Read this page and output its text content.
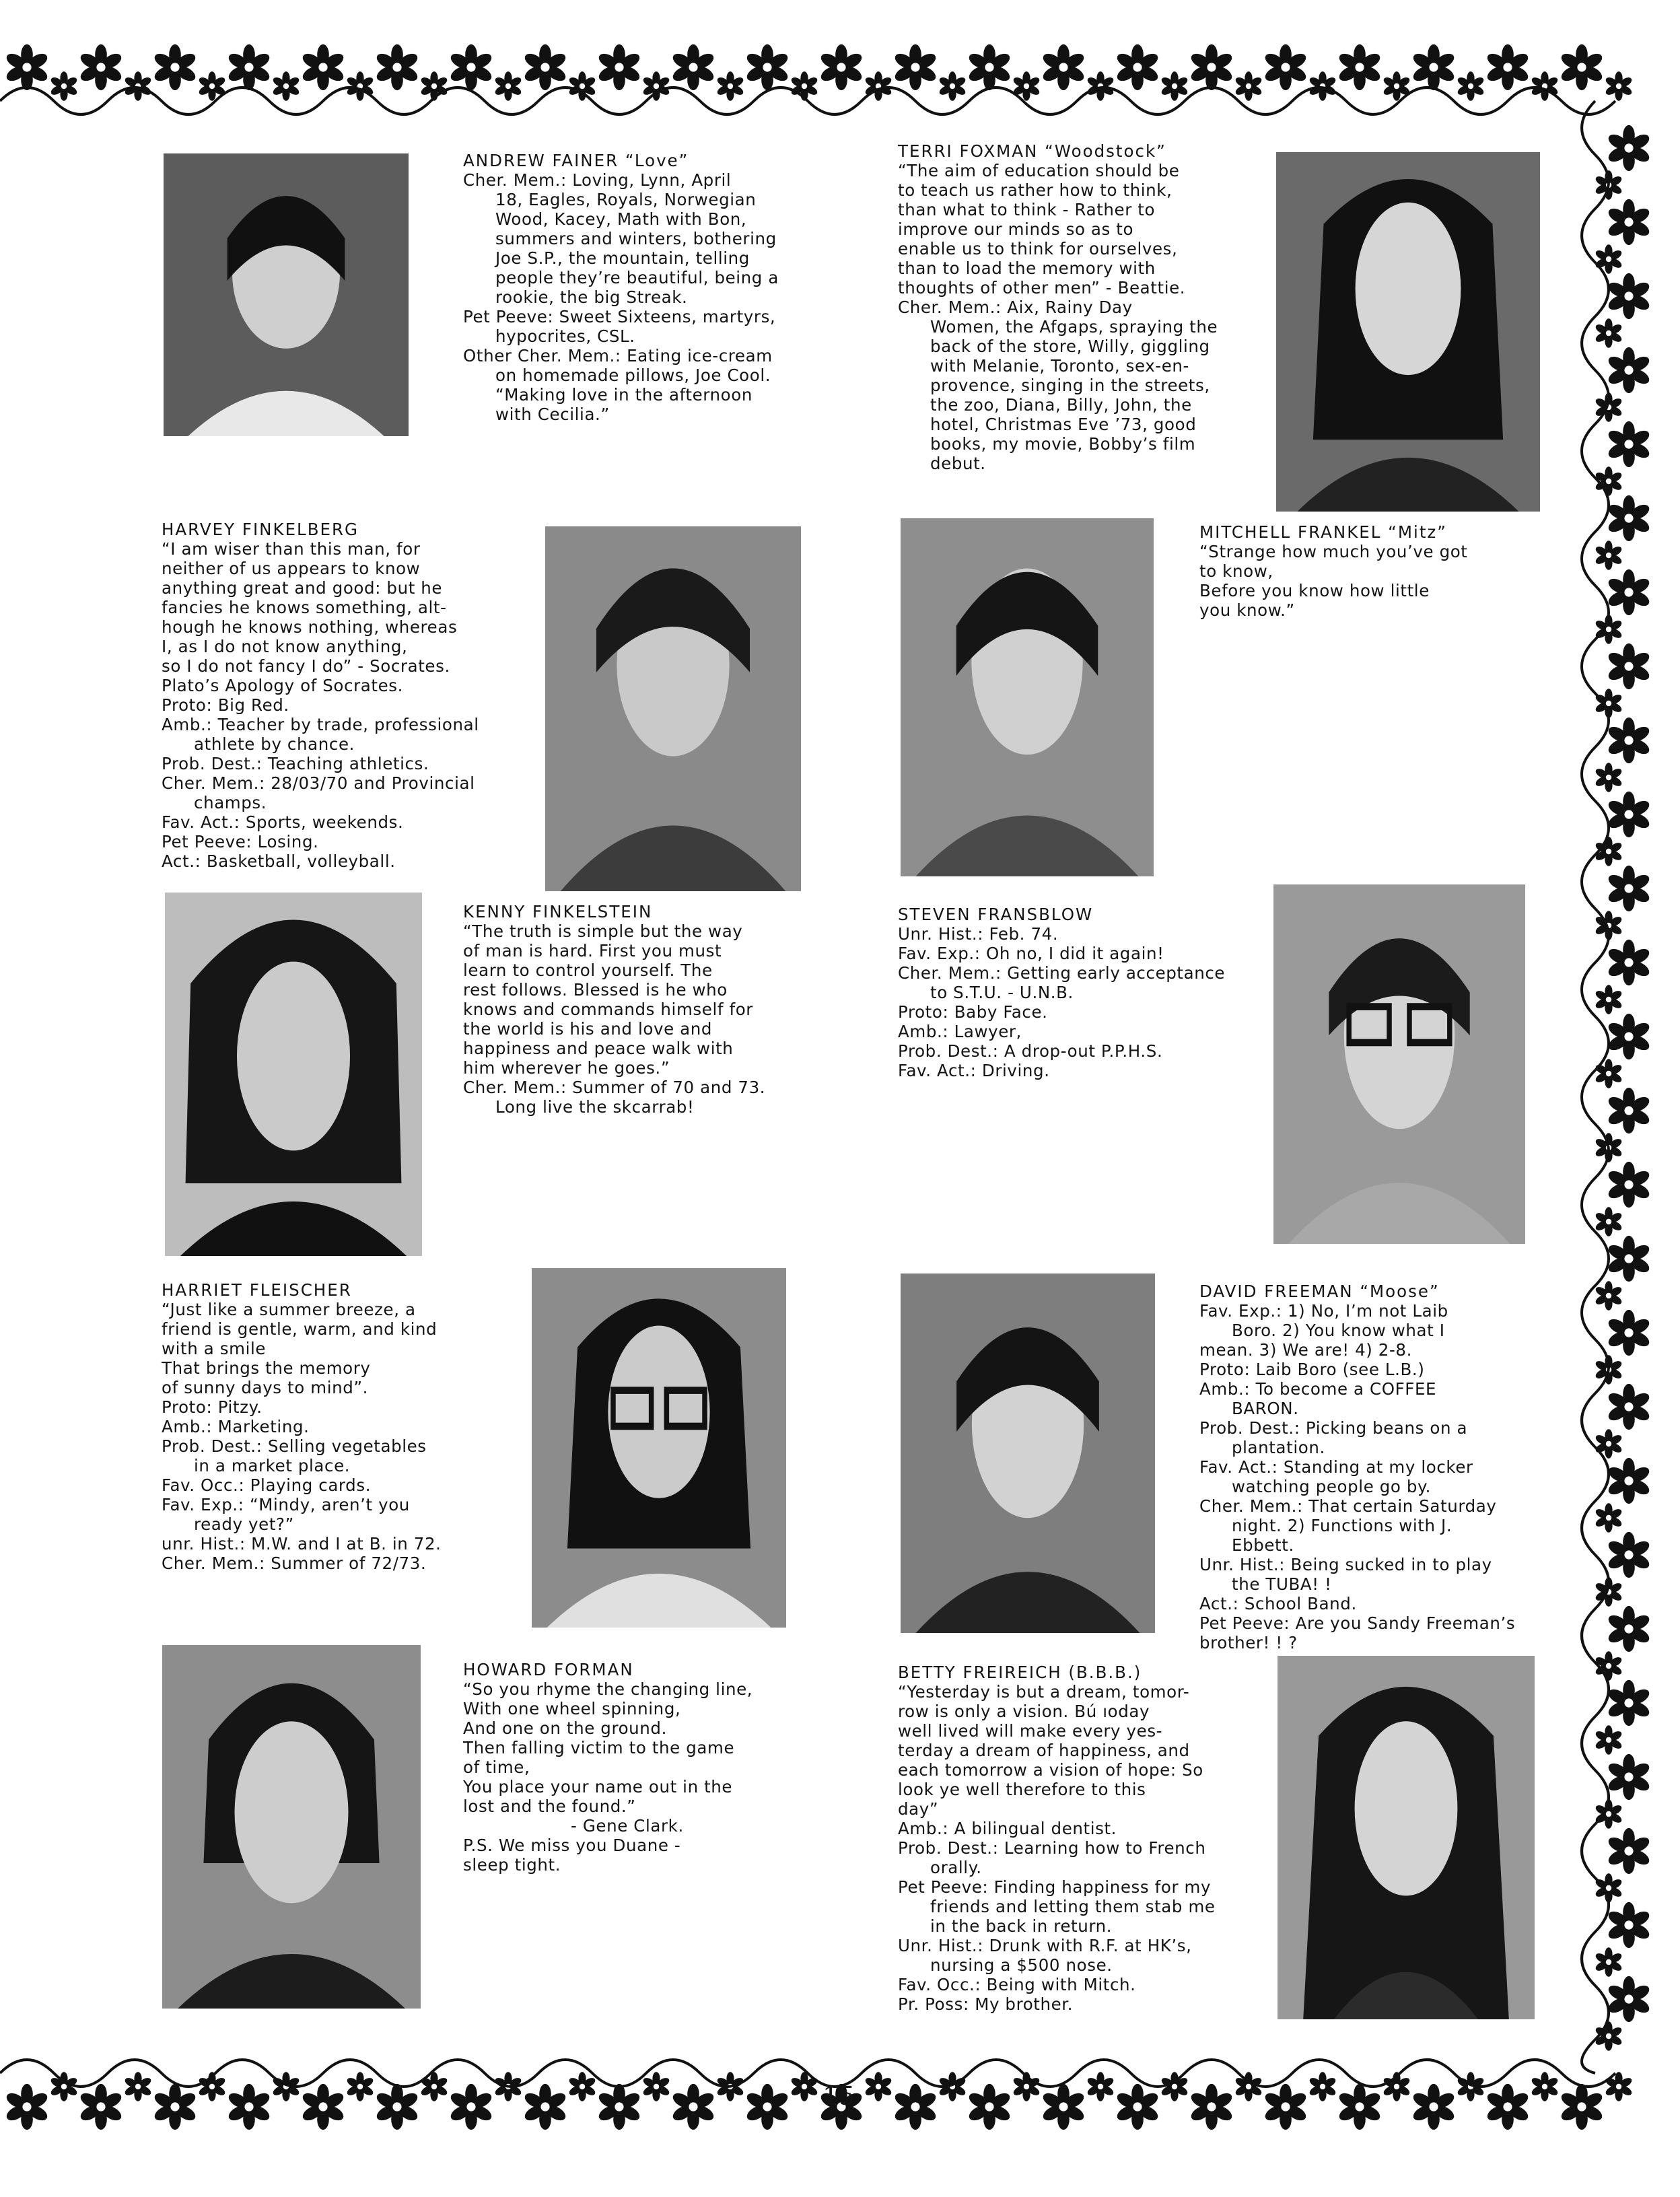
ANDREW FAINER “Love”
Cher. Mem.: Loving, Lynn, April
18, Eagles, Royals, Norwegian
Wood, Kacey, Math with Bon,
summers and winters, bothering
Joe S.P., the mountain, telling
people they’re beautiful, being a
rookie, the big Streak.
Pet Peeve: Sweet Sixteens, martyrs,
hypocrites, CSL.
Other Cher. Mem.: Eating ice-cream
on homemade pillows, Joe Cool.
“Making love in the afternoon
with Cecilia.”
TERRI FOXMAN “Woodstock”
“The aim of education should be
to teach us rather how to think,
than what to think - Rather to
improve our minds so as to
enable us to think for ourselves,
than to load the memory with
thoughts of other men” - Beattie.
Cher. Mem.: Aix, Rainy Day
Women, the Afgaps, spraying the
back of the store, Willy, giggling
with Melanie, Toronto, sex-en-
provence, singing in the streets,
the zoo, Diana, Billy, John, the
hotel, Christmas Eve ’73, good
books, my movie, Bobby’s film
debut.
HARVEY FINKELBERG
“I am wiser than this man, for
neither of us appears to know
anything great and good: but he
fancies he knows something, alt-
hough he knows nothing, whereas
I, as I do not know anything,
so I do not fancy I do” - Socrates.
Plato’s Apology of Socrates.
Proto: Big Red.
Amb.: Teacher by trade, professional
athlete by chance.
Prob. Dest.: Teaching athletics.
Cher. Mem.: 28/03/70 and Provincial
champs.
Fav. Act.: Sports, weekends.
Pet Peeve: Losing.
Act.: Basketball, volleyball.
MITCHELL FRANKEL “Mitz”
“Strange how much you’ve got
to know,
Before you know how little
you know.”
KENNY FINKELSTEIN
“The truth is simple but the way
of man is hard. First you must
learn to control yourself. The
rest follows. Blessed is he who
knows and commands himself for
the world is his and love and
happiness and peace walk with
him wherever he goes.”
Cher. Mem.: Summer of 70 and 73.
Long live the skcarrab!
STEVEN FRANSBLOW
Unr. Hist.: Feb. 74.
Fav. Exp.: Oh no, I did it again!
Cher. Mem.: Getting early acceptance
to S.T.U. - U.N.B.
Proto: Baby Face.
Amb.: Lawyer,
Prob. Dest.: A drop-out P.P.H.S.
Fav. Act.: Driving.
HARRIET FLEISCHER
“Just like a summer breeze, a
friend is gentle, warm, and kind
with a smile
That brings the memory
of sunny days to mind”.
Proto: Pitzy.
Amb.: Marketing.
Prob. Dest.: Selling vegetables
in a market place.
Fav. Occ.: Playing cards.
Fav. Exp.: “Mindy, aren’t you
ready yet?”
unr. Hist.: M.W. and I at B. in 72.
Cher. Mem.: Summer of 72/73.
DAVID FREEMAN “Moose”
Fav. Exp.: 1) No, I’m not Laib
Boro. 2) You know what I
mean. 3) We are! 4) 2-8.
Proto: Laib Boro (see L.B.)
Amb.: To become a COFFEE
BARON.
Prob. Dest.: Picking beans on a
plantation.
Fav. Act.: Standing at my locker
watching people go by.
Cher. Mem.: That certain Saturday
night. 2) Functions with J.
Ebbett.
Unr. Hist.: Being sucked in to play
the TUBA! !
Act.: School Band.
Pet Peeve: Are you Sandy Freeman’s
brother! ! ?
HOWARD FORMAN
“So you rhyme the changing line,
With one wheel spinning,
And one on the ground.
Then falling victim to the game
of time,
You place your name out in the
lost and the found.”
- Gene Clark.
P.S. We miss you Duane -
sleep tight.
BETTY FREIREICH (B.B.B.)
“Yesterday is but a dream, tomor-
row is only a vision. Bú ıoday
well lived will make every yes-
terday a dream of happiness, and
each tomorrow a vision of hope: So
look ye well therefore to this
day”
Amb.: A bilingual dentist.
Prob. Dest.: Learning how to French
orally.
Pet Peeve: Finding happiness for my
friends and letting them stab me
in the back in return.
Unr. Hist.: Drunk with R.F. at HK’s,
nursing a $500 nose.
Fav. Occ.: Being with Mitch.
Pr. Poss: My brother.
15
